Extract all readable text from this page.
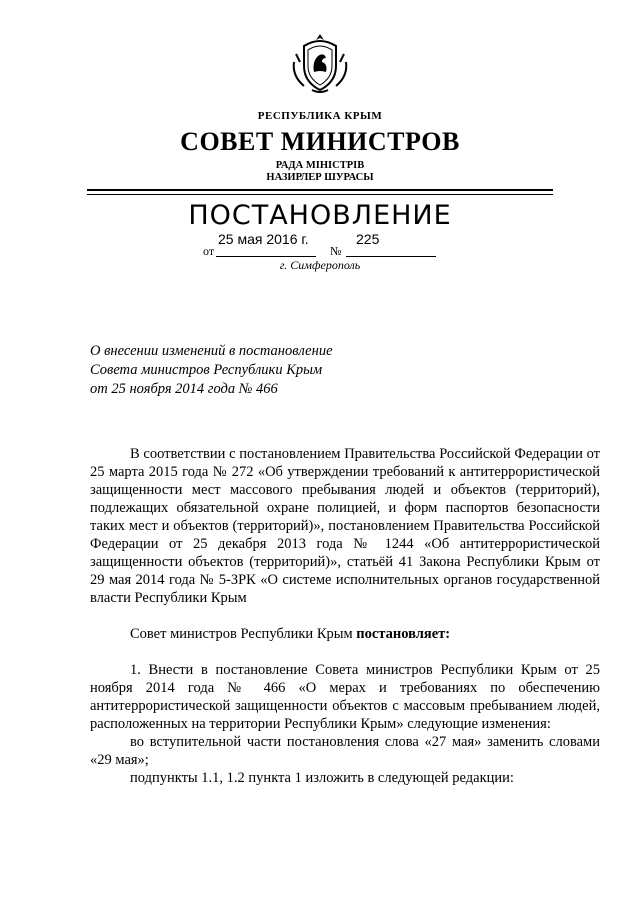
РЕСПУБЛИКА КРЫМ
СОВЕТ МИНИСТРОВ
РАДА МІНІСТРІВ
НАЗИРЛЕР ШУРАСЫ
ПОСТАНОВЛЕНИЕ
от
25 мая 2016 г.
№
225
г. Симферополь
О внесении изменений в постановление
Совета министров Республики Крым
от 25 ноября 2014 года № 466

В соответствии с постановлением Правительства Российской Федерации от 25 марта 2015 года № 272 «Об утверждении требований к антитеррористической защищенности мест массового пребывания людей и объектов (территорий), подлежащих обязательной охране полицией, и форм паспортов безопасности таких мест и объектов (территорий)», постановлением Правительства Российской Федерации от 25 декабря 2013 года № 1244 «Об антитеррористической защищенности объектов (территорий)», статьёй 41 Закона Республики Крым от 29 мая 2014 года № 5-ЗРК «О системе исполнительных органов государственной власти Республики Крым

Совет министров Республики Крым постановляет:

1. Внести в постановление Совета министров Республики Крым от 25 ноября 2014 года № 466 «О мерах и требованиях по обеспечению антитеррористической защищенности объектов с массовым пребыванием людей, расположенных на территории Республики Крым» следующие изменения:

во вступительной части постановления слова «27 мая» заменить словами «29 мая»;

подпункты 1.1, 1.2 пункта 1 изложить в следующей редакции:
